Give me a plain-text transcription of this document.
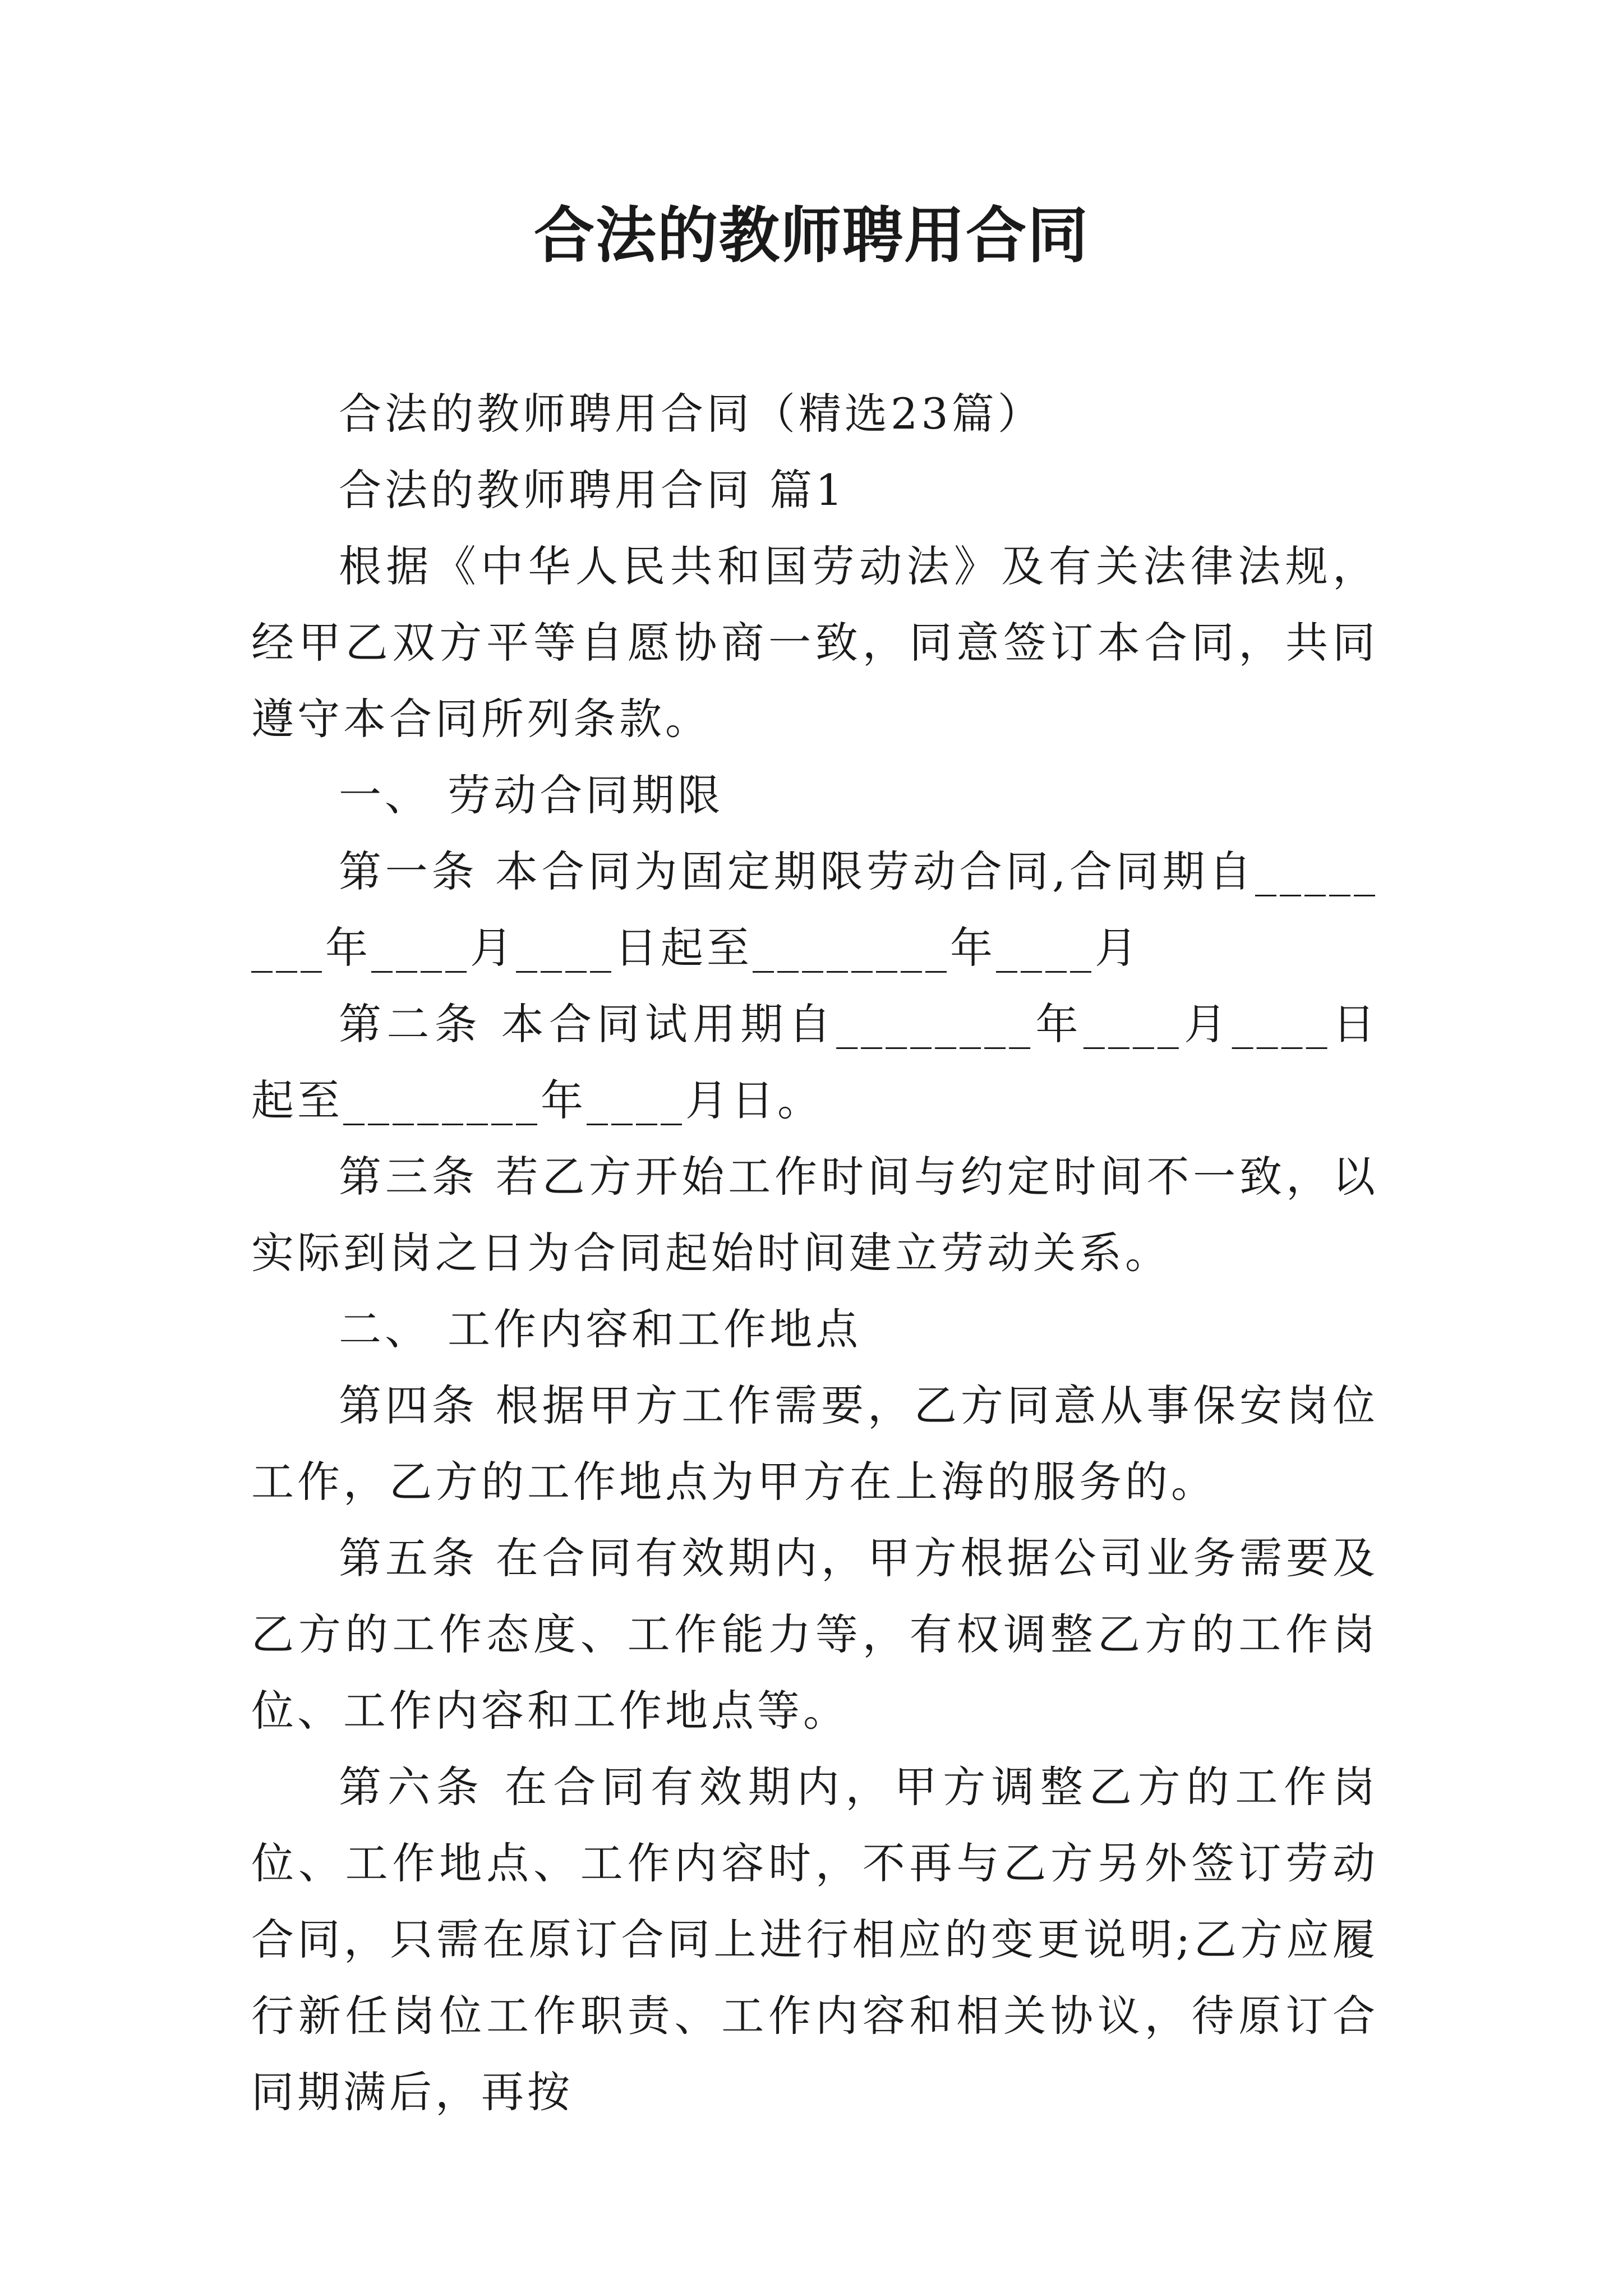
合法的教师聘用合同

合法的教师聘用合同（精选23篇）

合法的教师聘用合同 篇1

根据《中华人民共和国劳动法》及有关法律法规，经甲乙双方平等自愿协商一致，同意签订本合同，共同遵守本合同所列条款。

一、 劳动合同期限

第一条 本合同为固定期限劳动合同,合同期自________年____月____日起至________年____月

第二条 本合同试用期自________年____月____日起至________年____月日。

第三条 若乙方开始工作时间与约定时间不一致，以实际到岗之日为合同起始时间建立劳动关系。

二、 工作内容和工作地点

第四条 根据甲方工作需要，乙方同意从事保安岗位工作，乙方的工作地点为甲方在上海的服务的。

第五条 在合同有效期内，甲方根据公司业务需要及乙方的工作态度、工作能力等，有权调整乙方的工作岗位、工作内容和工作地点等。

第六条 在合同有效期内，甲方调整乙方的工作岗位、工作地点、工作内容时，不再与乙方另外签订劳动合同，只需在原订合同上进行相应的变更说明;乙方应履行新任岗位工作职责、工作内容和相关协议，待原订合同期满后，再按
